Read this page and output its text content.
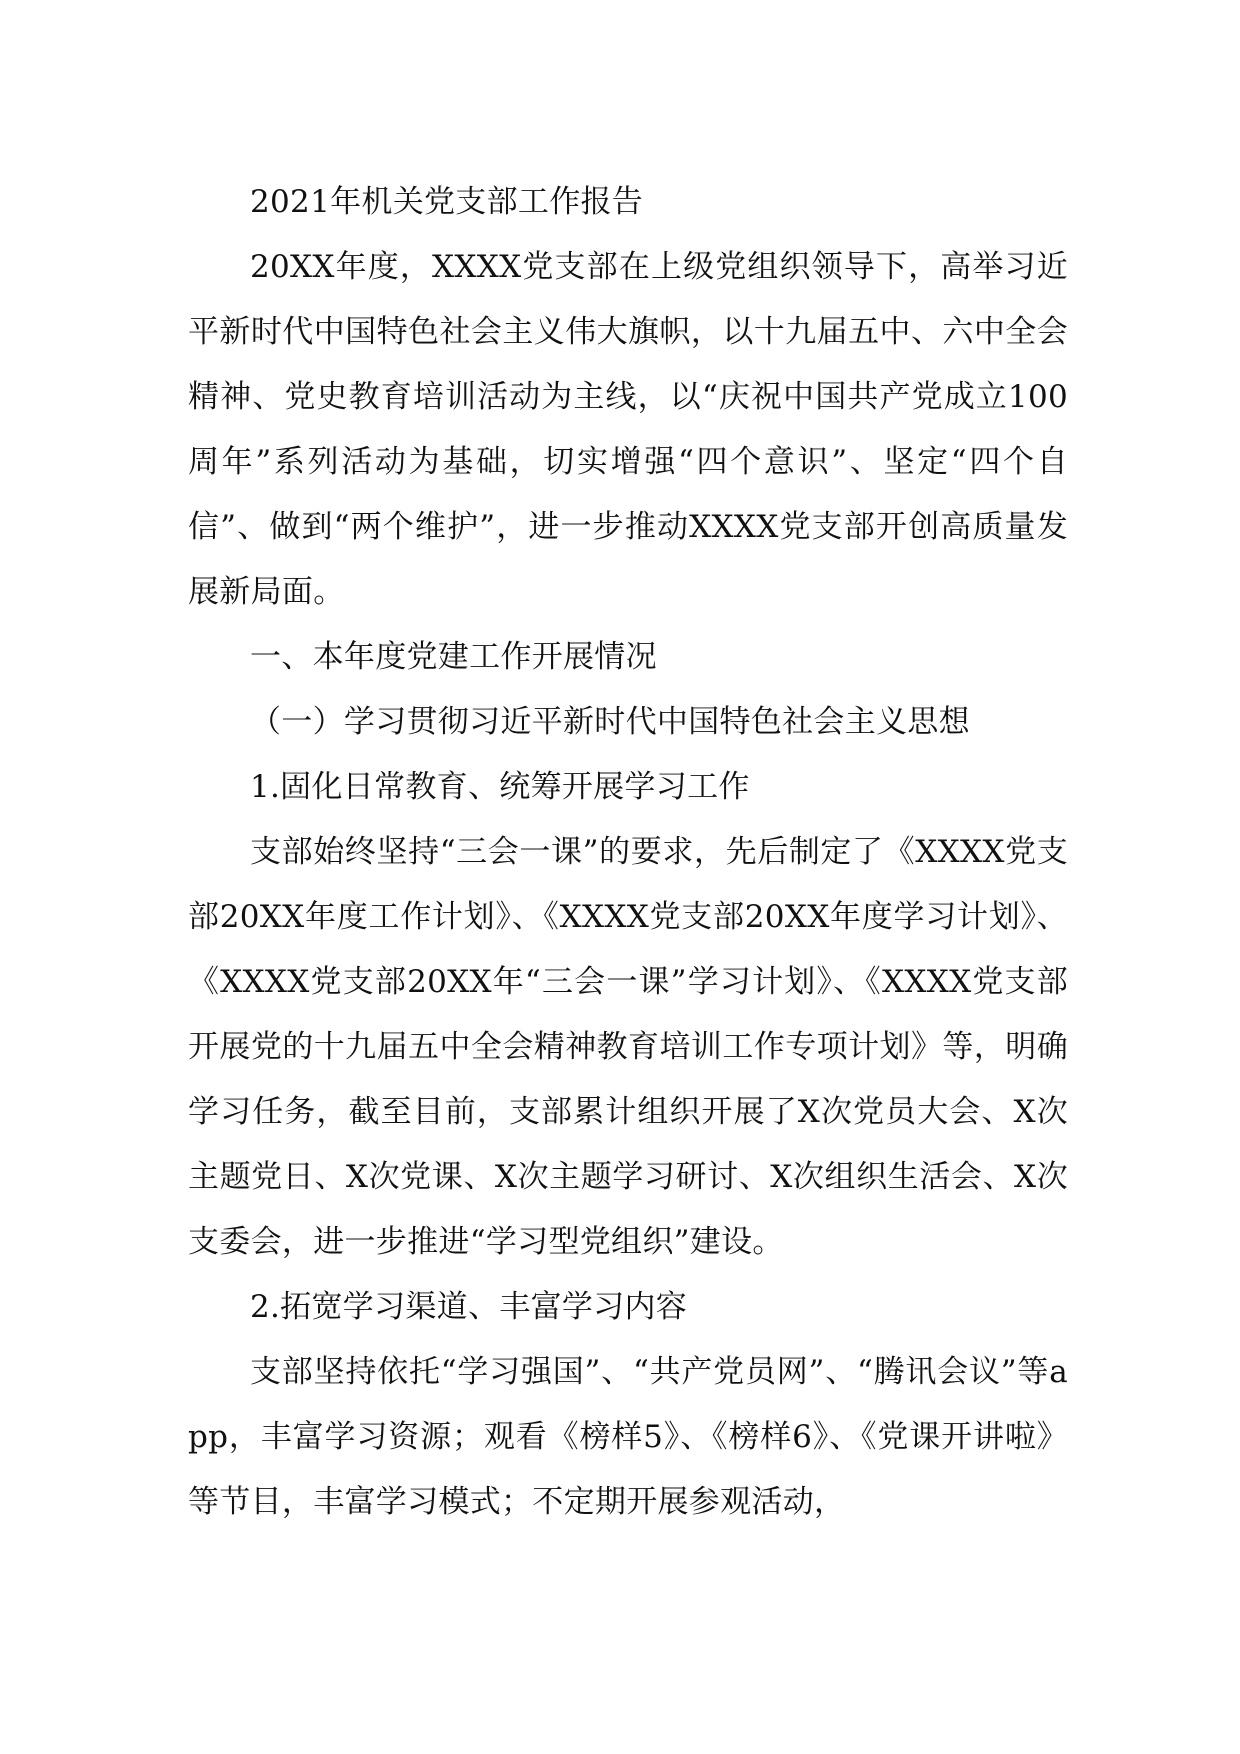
2021年机关党支部工作报告

20XX年度，XXXX党支部在上级党组织领导下，高举习近平新时代中国特色社会主义伟大旗帜，以十九届五中、六中全会精神、党史教育培训活动为主线，以“庆祝中国共产党成立100周年”系列活动为基础，切实增强“四个意识”、坚定“四个自信”、做到“两个维护”，进一步推动XXXX党支部开创高质量发展新局面。

一、本年度党建工作开展情况

（一）学习贯彻习近平新时代中国特色社会主义思想

1.固化日常教育、统筹开展学习工作

支部始终坚持“三会一课”的要求，先后制定了《XXXX党支部20XX年度工作计划》、《XXXX党支部20XX年度学习计划》、《XXXX党支部20XX年“三会一课”学习计划》、《XXXX党支部开展党的十九届五中全会精神教育培训工作专项计划》等，明确学习任务，截至目前，支部累计组织开展了X次党员大会、X次主题党日、X次党课、X次主题学习研讨、X次组织生活会、X次支委会，进一步推进“学习型党组织”建设。

2.拓宽学习渠道、丰富学习内容

支部坚持依托“学习强国”、“共产党员网”、“腾讯会议”等app，丰富学习资源；观看《榜样5》、《榜样6》、《党课开讲啦》等节目，丰富学习模式；不定期开展参观活动，
